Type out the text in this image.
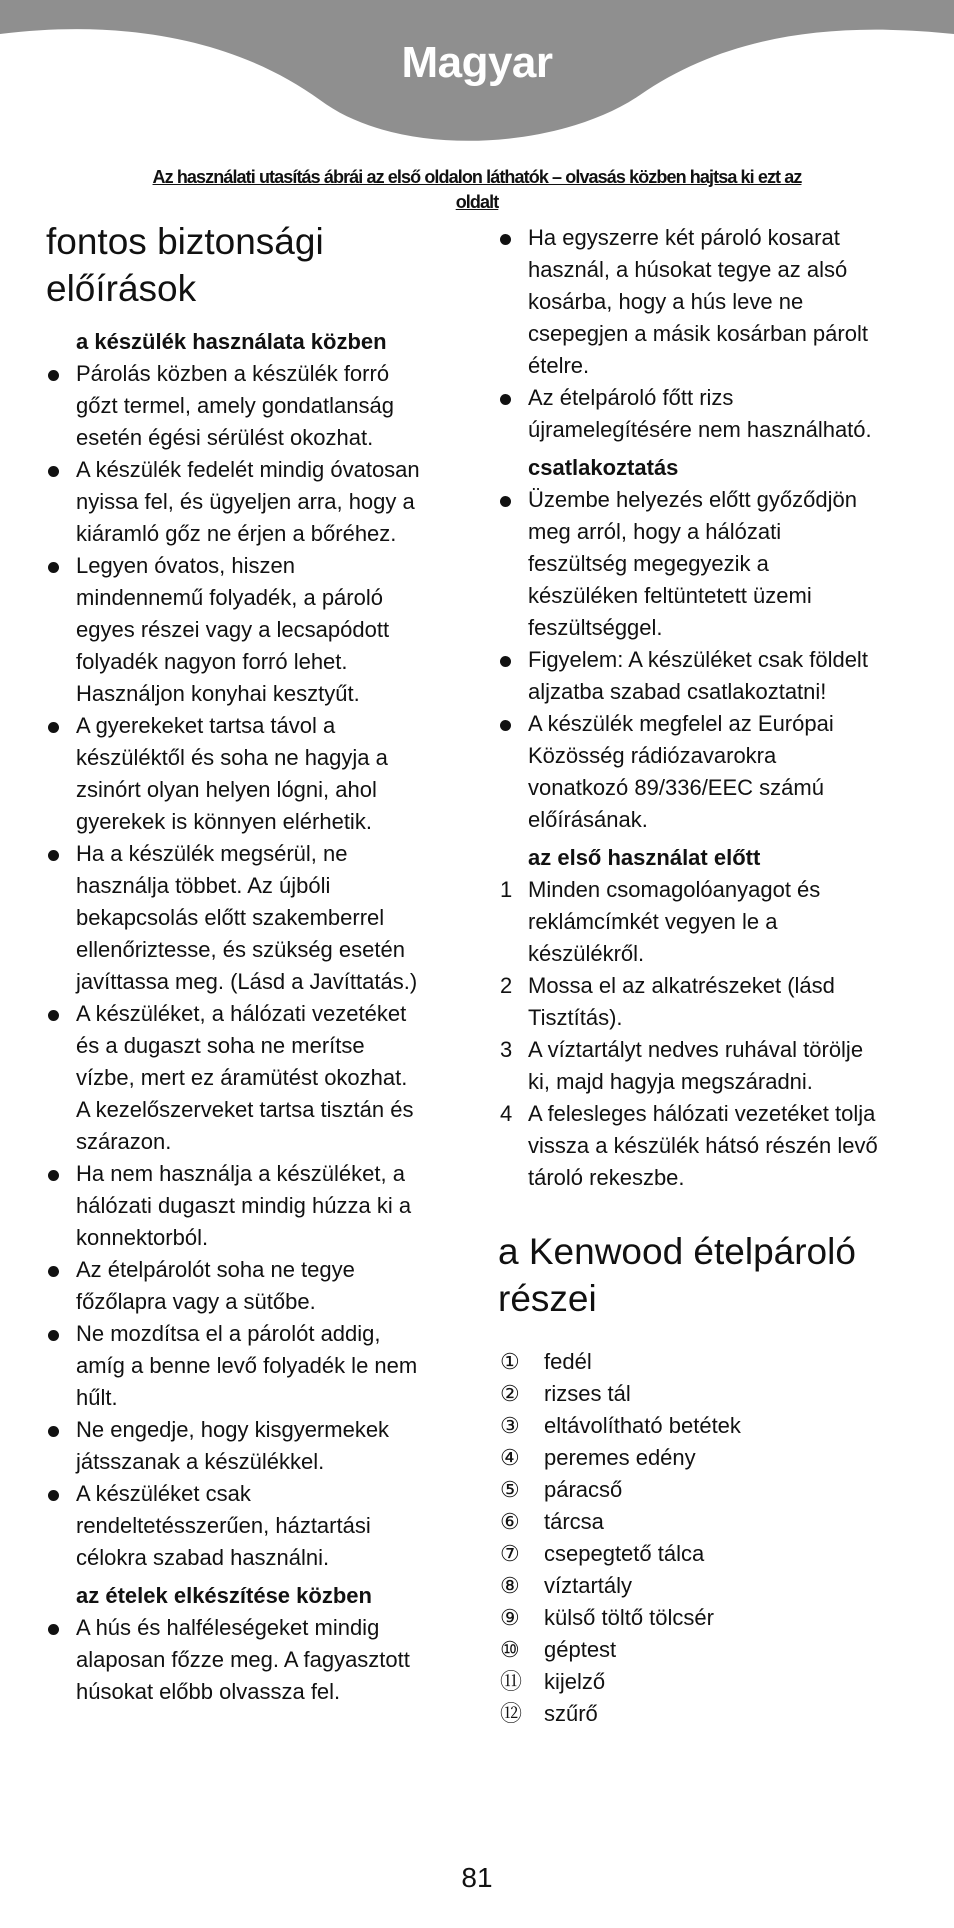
Magyar
Az használati utasítás ábrái az első oldalon láthatók – olvasás közben hajtsa ki ezt az
oldalt
fontos biztonsági
előírások
a készülék használata közben
Párolás közben a készülék forró
gőzt termel, amely gondatlanság
esetén égési sérülést okozhat.
A készülék fedelét mindig óvatosan
nyissa fel, és ügyeljen arra, hogy a
kiáramló gőz ne érjen a bőréhez.
Legyen óvatos, hiszen
mindennemű folyadék, a pároló
egyes részei vagy a lecsapódott
folyadék nagyon forró lehet.
Használjon konyhai kesztyűt.
A gyerekeket tartsa távol a
készüléktől és soha ne hagyja a
zsinórt olyan helyen lógni, ahol
gyerekek is könnyen elérhetik.
Ha a készülék megsérül, ne
használja többet. Az újbóli
bekapcsolás előtt szakemberrel
ellenőriztesse, és szükség esetén
javíttassa meg. (Lásd a Javíttatás.)
A készüléket, a hálózati vezetéket
és a dugaszt soha ne merítse
vízbe, mert ez áramütést okozhat.
A kezelőszerveket tartsa tisztán és
szárazon.
Ha nem használja a készüléket, a
hálózati dugaszt mindig húzza ki a
konnektorból.
Az ételpárolót soha ne tegye
főzőlapra vagy a sütőbe.
Ne mozdítsa el a párolót addig,
amíg a benne levő folyadék le nem
hűlt.
Ne engedje, hogy kisgyermekek
játsszanak a készülékkel.
A készüléket csak
rendeltetésszerűen, háztartási
célokra szabad használni.
az ételek elkészítése közben
A hús és halféleségeket mindig
alaposan főzze meg. A fagyasztott
húsokat előbb olvassza fel.
Ha egyszerre két pároló kosarat
használ, a húsokat tegye az alsó
kosárba, hogy a hús leve ne
csepegjen a másik kosárban párolt
ételre.
Az ételpároló főtt rizs
újramelegítésére nem használható.
csatlakoztatás
Üzembe helyezés előtt győződjön
meg arról, hogy a hálózati
feszültség megegyezik a
készüléken feltüntetett üzemi
feszültséggel.
Figyelem: A készüléket csak földelt
aljzatba szabad csatlakoztatni!
A készülék megfelel az Európai
Közösség rádiózavarokra
vonatkozó 89/336/EEC számú
előírásának.
az első használat előtt
1 Minden csomagolóanyagot és
reklámcímkét vegyen le a
készülékről.
2 Mossa el az alkatrészeket (lásd
Tisztítás).
3 A víztartályt nedves ruhával törölje
ki, majd hagyja megszáradni.
4 A felesleges hálózati vezetéket tolja
vissza a készülék hátsó részén levő
tároló rekeszbe.
a Kenwood ételpároló
részei
①	fedél
②	rizses tál
③	eltávolítható betétek
④	peremes edény
⑤	páracső
⑥	tárcsa
⑦	csepegtető tálca
⑧	víztartály
⑨	külső töltő tölcsér
⑩	géptest
⑪ kijelző
⑫ szűrő
81
